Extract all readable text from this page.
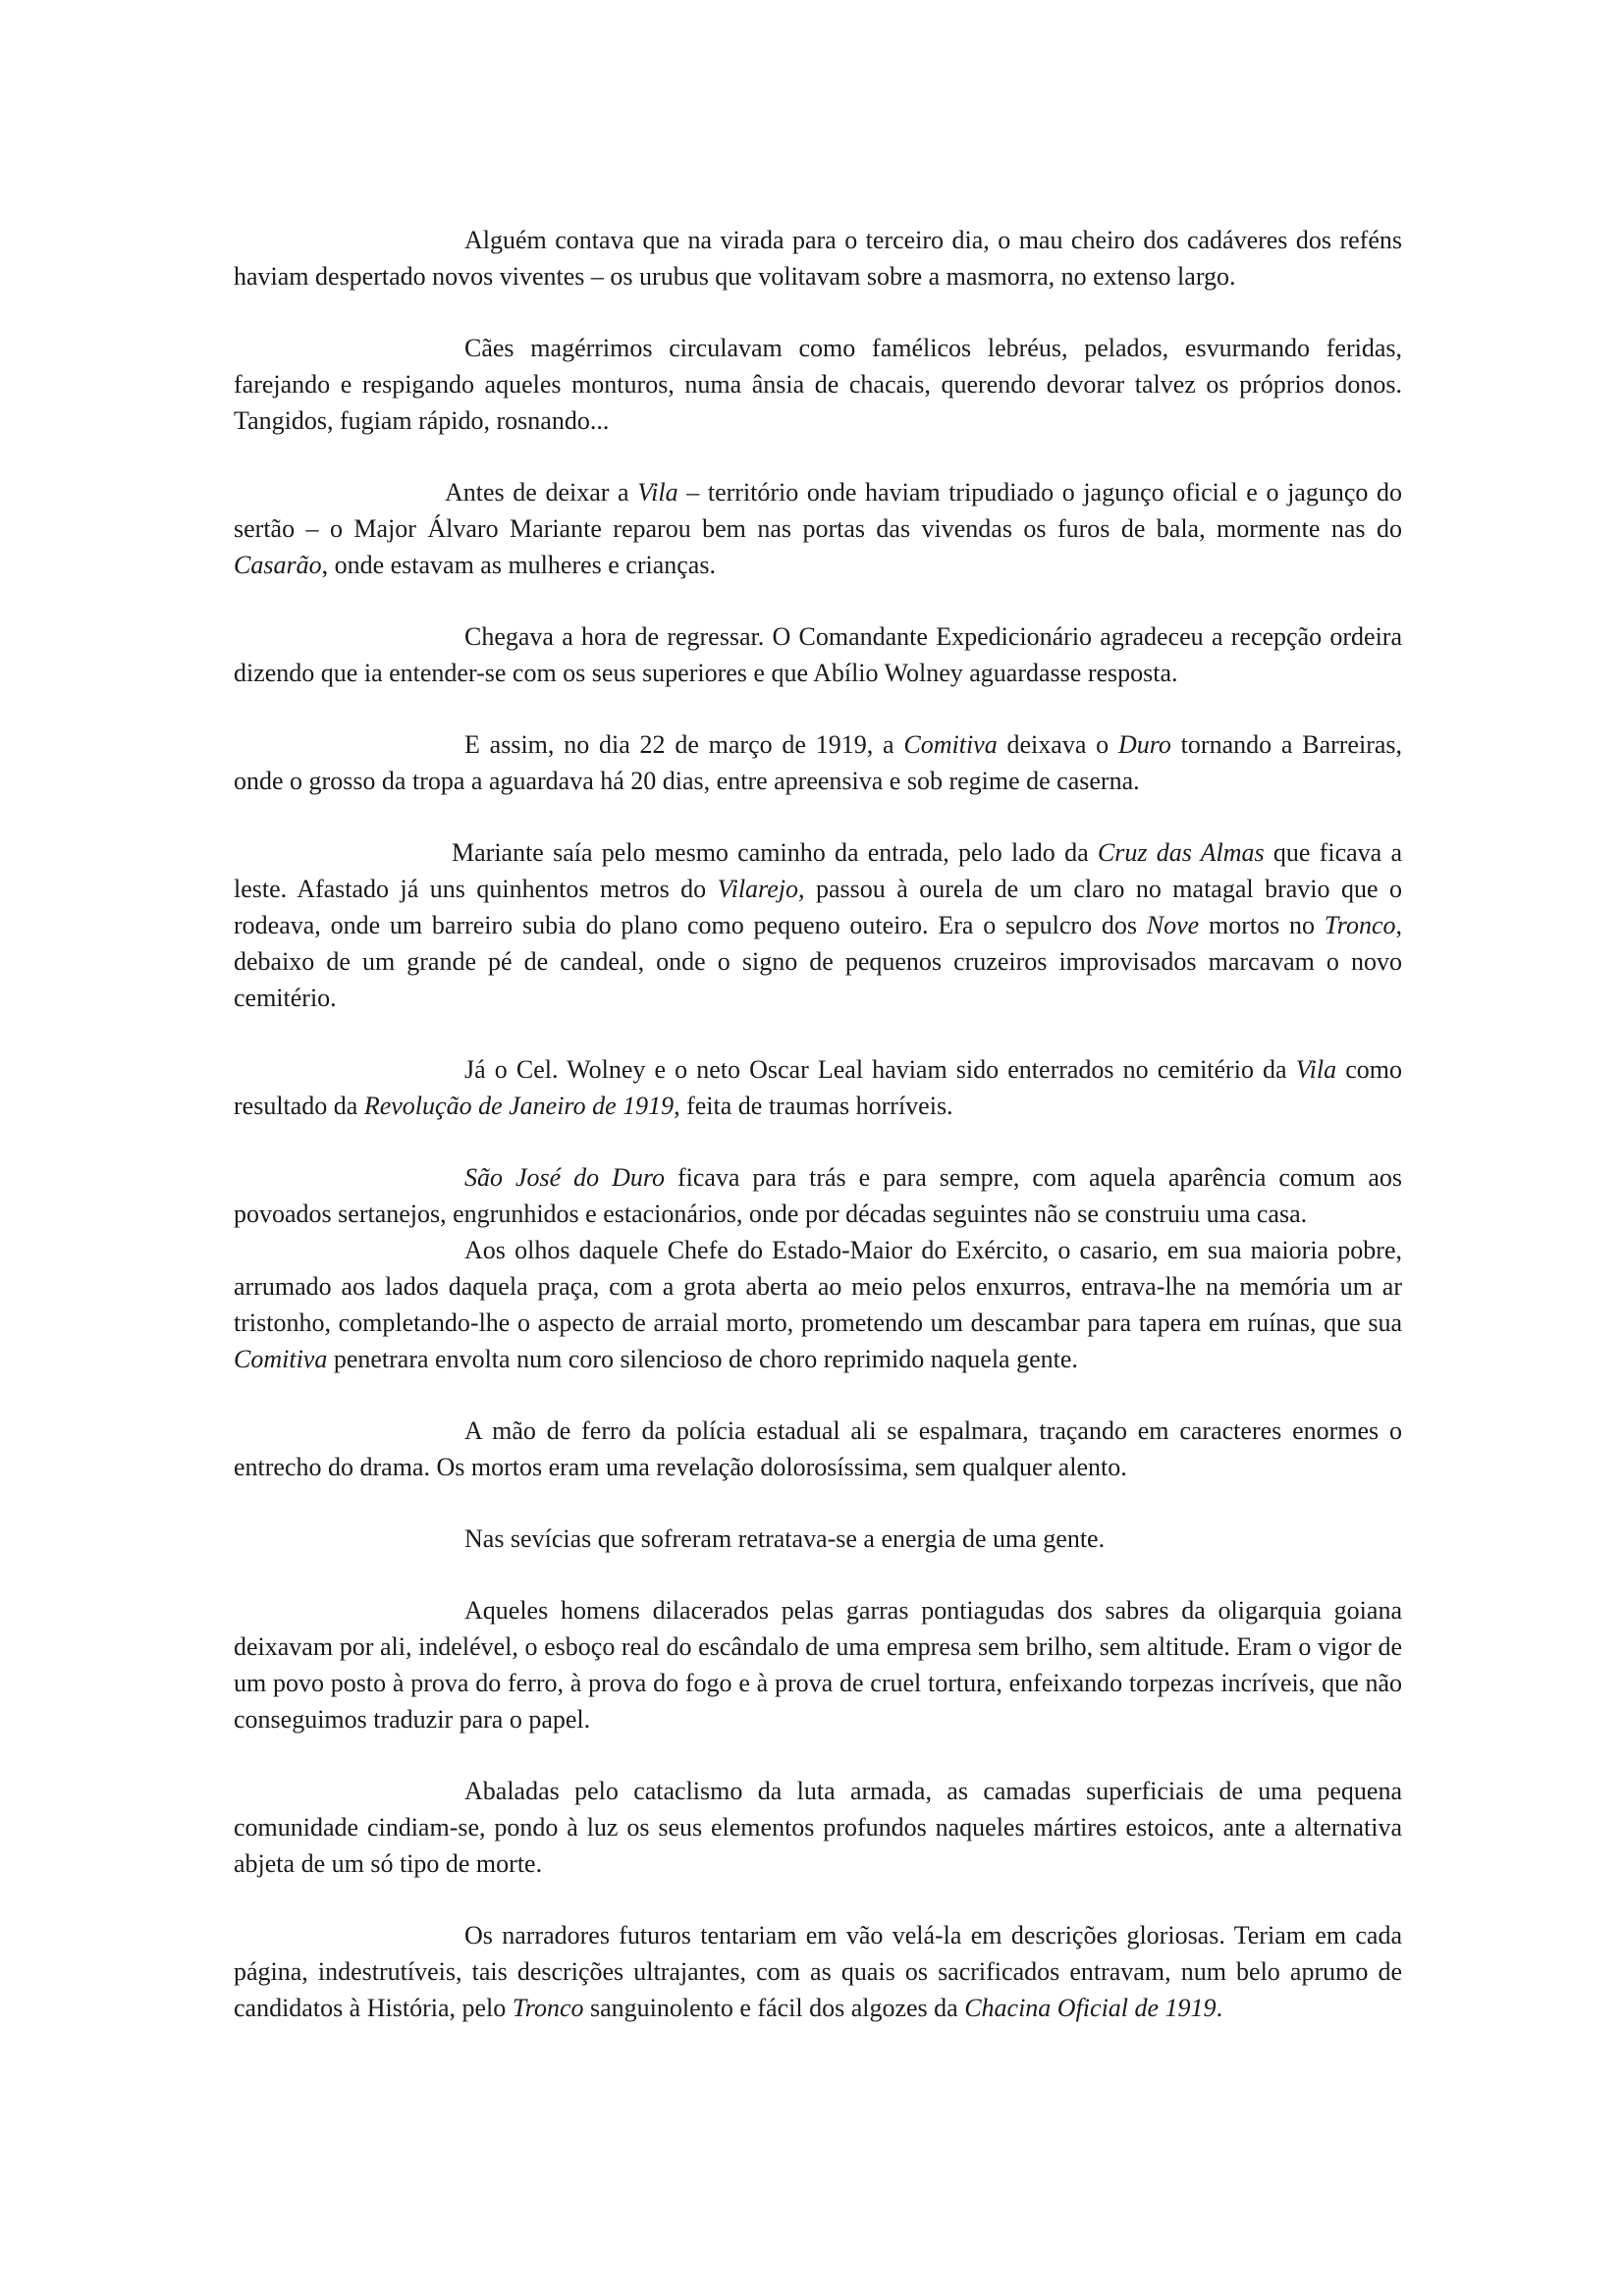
Alguém contava que na virada para o terceiro dia, o mau cheiro dos cadáveres dos reféns haviam despertado novos viventes – os urubus que volitavam sobre a masmorra, no extenso largo.

Cães magérrimos circulavam como famélicos lebréus, pelados, esvurmando feridas, farejando e respigando aqueles monturos, numa ânsia de chacais, querendo devorar talvez os próprios donos. Tangidos, fugiam rápido, rosnando...

Antes de deixar a Vila – território onde haviam tripudiado o jagunço oficial e o jagunço do sertão – o Major Álvaro Mariante reparou bem nas portas das vivendas os furos de bala, mormente nas do Casarão, onde estavam as mulheres e crianças.

Chegava a hora de regressar. O Comandante Expedicionário agradeceu a recepção ordeira dizendo que ia entender-se com os seus superiores e que Abílio Wolney aguardasse resposta.

E assim, no dia 22 de março de 1919, a Comitiva deixava o Duro tornando a Barreiras, onde o grosso da tropa a aguardava há 20 dias, entre apreensiva e sob regime de caserna.

Mariante saía pelo mesmo caminho da entrada, pelo lado da Cruz das Almas que ficava a leste. Afastado já uns quinhentos metros do Vilarejo, passou à ourela de um claro no matagal bravio que o rodeava, onde um barreiro subia do plano como pequeno outeiro. Era o sepulcro dos Nove mortos no Tronco, debaixo de um grande pé de candeal, onde o signo de pequenos cruzeiros improvisados marcavam o novo cemitério.

Já o Cel. Wolney e o neto Oscar Leal haviam sido enterrados no cemitério da Vila como resultado da Revolução de Janeiro de 1919, feita de traumas horríveis.

São José do Duro ficava para trás e para sempre, com aquela aparência comum aos povoados sertanejos, engrunhidos e estacionários, onde por décadas seguintes não se construiu uma casa.

Aos olhos daquele Chefe do Estado-Maior do Exército, o casario, em sua maioria pobre, arrumado aos lados daquela praça, com a grota aberta ao meio pelos enxurros, entrava-lhe na memória um ar tristonho, completando-lhe o aspecto de arraial morto, prometendo um descambar para tapera em ruínas, que sua Comitiva penetrara envolta num coro silencioso de choro reprimido naquela gente.

A mão de ferro da polícia estadual ali se espalmara, traçando em caracteres enormes o entrecho do drama. Os mortos eram uma revelação dolorosíssima, sem qualquer alento.

Nas sevícias que sofreram retratava-se a energia de uma gente.

Aqueles homens dilacerados pelas garras pontiagudas dos sabres da oligarquia goiana deixavam por ali, indelével, o esboço real do escândalo de uma empresa sem brilho, sem altitude. Eram o vigor de um povo posto à prova do ferro, à prova do fogo e à prova de cruel tortura, enfeixando torpezas incríveis, que não conseguimos traduzir para o papel.

Abaladas pelo cataclismo da luta armada, as camadas superficiais de uma pequena comunidade cindiam-se, pondo à luz os seus elementos profundos naqueles mártires estoicos, ante a alternativa abjeta de um só tipo de morte.

Os narradores futuros tentariam em vão velá-la em descrições gloriosas. Teriam em cada página, indestrutíveis, tais descrições ultrajantes, com as quais os sacrificados entravam, num belo aprumo de candidatos à História, pelo Tronco sanguinolento e fácil dos algozes da Chacina Oficial de 1919.
